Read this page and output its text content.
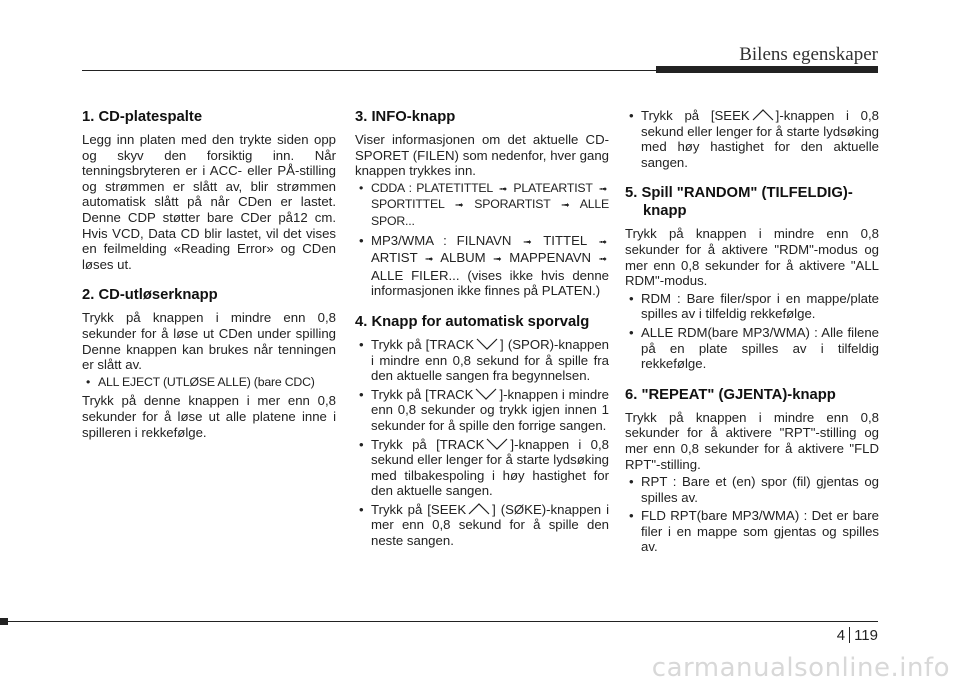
Bilens egenskaper
1. CD-platespalte

Legg inn platen med den trykte siden opp og skyv den forsiktig inn. Når tenningsbryteren er i ACC- eller PÅ-stilling og strømmen er slått av, blir strømmen automatisk slått på når CDen er lastet. Denne CDP støtter bare CDer på12 cm. Hvis VCD, Data CD blir lastet, vil det vises en feilmelding «Reading Error» og CDen løses ut.

2. CD-utløserknapp

Trykk på knappen i mindre enn 0,8 sekunder for å løse ut CDen under spilling Denne knappen kan brukes når tenningen er slått av.

• ALL EJECT (UTLØSE ALLE) (bare CDC)

Trykk på denne knappen i mer enn 0,8 sekunder for å løse ut alle platene inne i spilleren i rekkefølge.

3. INFO-knapp

Viser informasjonen om det aktuelle CD-SPORET (FILEN) som nedenfor, hver gang knappen trykkes inn.

• CDDA : PLATETITTEL ➟ PLATEARTIST ➟ SPORTITTEL ➟ SPORARTIST ➟ ALLE SPOR...
• MP3/WMA : FILNAVN ➟ TITTEL ➟ ARTIST ➟ ALBUM ➟ MAPPENAVN ➟ ALLE FILER... (vises ikke hvis denne informasjonen ikke finnes på PLATEN.)
4. Knapp for automatisk sporvalg
• Trykk på [TRACK ] (SPOR)-knappen i mindre enn 0,8 sekund for å spille fra den aktuelle sangen fra begynnelsen.
• Trykk på [TRACK ]-knappen i mindre enn 0,8 sekunder og trykk igjen innen 1 sekunder for å spille den forrige sangen.
• Trykk på [TRACK ]-knappen i 0,8 sekund eller lenger for å starte lydsøking med tilbakespoling i høy hastighet for den aktuelle sangen.
• Trykk på [SEEK ] (SØKE)-knappen i mer enn 0,8 sekund for å spille den neste sangen.
• Trykk på [SEEK ]-knappen i 0,8 sekund eller lenger for å starte lydsøking med høy hastighet for den aktuelle sangen.
5. Spill "RANDOM" (TILFELDIG)-
knapp

Trykk på knappen i mindre enn 0,8 sekunder for å aktivere "RDM"-modus og mer enn 0,8 sekunder for å aktivere "ALL RDM"-modus.

• RDM : Bare filer/spor i en mappe/plate spilles av i tilfeldig rekkefølge.
• ALLE RDM(bare MP3/WMA) : Alle filene på en plate spilles av i tilfeldig rekkefølge.
6. "REPEAT" (GJENTA)-knapp

Trykk på knappen i mindre enn 0,8 sekunder for å aktivere "RPT"-stilling og mer enn 0,8 sekunder for å aktivere "FLD RPT"-stilling.

• RPT : Bare et (en) spor (fil) gjentas og spilles av.
• FLD RPT(bare MP3/WMA) : Det er bare filer i en mappe som gjentas og spilles av.
4 119
carmanualsonline.info
